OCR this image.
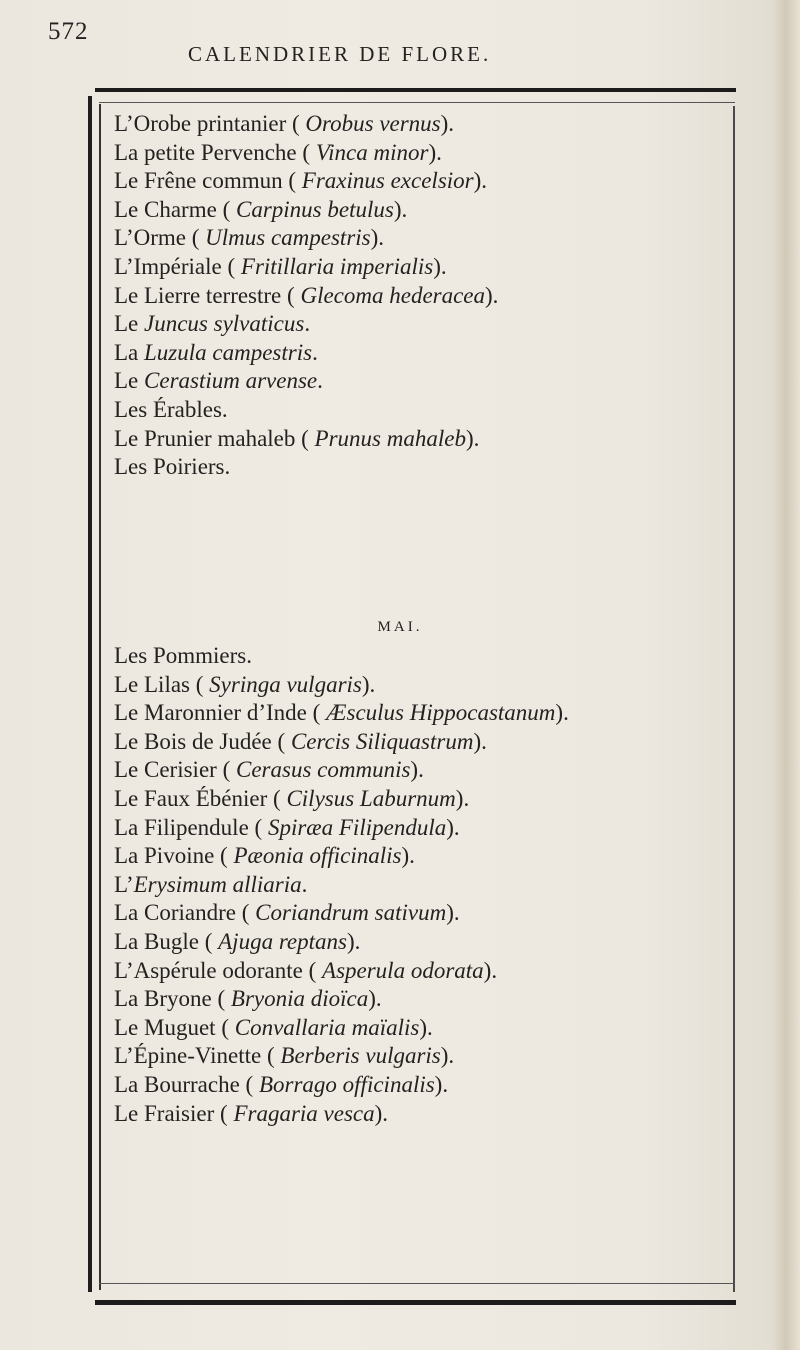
572
CALENDRIER DE FLORE.
L’Orobe printanier ( Orobus vernus).
La petite Pervenche ( Vinca minor).
Le Frêne commun ( Fraxinus excelsior).
Le Charme ( Carpinus betulus).
L’Orme ( Ulmus campestris).
L’Impériale ( Fritillaria imperialis).
Le Lierre terrestre ( Glecoma hederacea).
Le Juncus sylvaticus.
La Luzula campestris.
Le Cerastium arvense.
Les Érables.
Le Prunier mahaleb ( Prunus mahaleb).
Les Poiriers.
MAI.
Les Pommiers.
Le Lilas ( Syringa vulgaris).
Le Maronnier d’Inde ( Æsculus Hippocastanum).
Le Bois de Judée ( Cercis Siliquastrum).
Le Cerisier ( Cerasus communis).
Le Faux Ébénier ( Cilysus Laburnum).
La Filipendule ( Spiræa Filipendula).
La Pivoine ( Pæonia officinalis).
L’Erysimum alliaria.
La Coriandre ( Coriandrum sativum).
La Bugle ( Ajuga reptans).
L’Aspérule odorante ( Asperula odorata).
La Bryone ( Bryonia dioïca).
Le Muguet ( Convallaria maïalis).
L’Épine-Vinette ( Berberis vulgaris).
La Bourrache ( Borrago officinalis).
Le Fraisier ( Fragaria vesca).
